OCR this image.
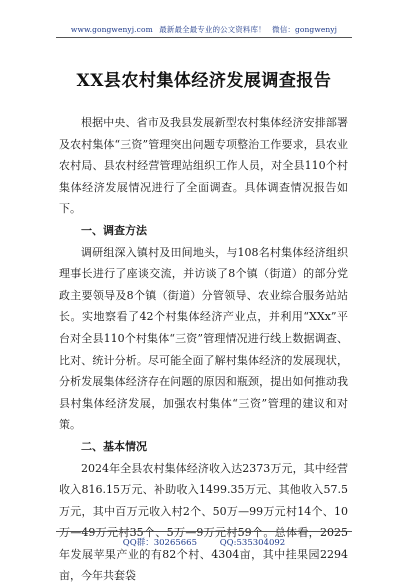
www.gongwenyj.com 最新最全最专业的公文资料库！ 微信：gongwenyj
XX县农村集体经济发展调查报告

根据中央、省市及我县发展新型农村集体经济安排部署及农村集体“三资”管理突出问题专项整治工作要求，县农业农村局、县农村经营管理站组织工作人员，对全县110个村集体经济发展情况进行了全面调查。具体调查情况报告如下。

一、调查方法

调研组深入镇村及田间地头，与108名村集体经济组织理事长进行了座谈交流，并访谈了8个镇（街道）的部分党政主要领导及8个镇（街道）分管领导、农业综合服务站站长。实地察看了42个村集体经济产业点，并利用“XXx”平台对全县110个村集体“三资”管理情况进行线上数据调查、比对、统计分析。尽可能全面了解村集体经济的发展现状，分析发展集体经济存在问题的原因和瓶颈，提出如何推动我县村集体经济发展，加强农村集体“三资”管理的建议和对策。

二、基本情况

2024年全县农村集体经济收入达2373万元，其中经营收入816.15万元、补助收入1499.35万元、其他收入57.5万元，其中百万元收入村2个、50万—99万元村14个、10万—49万元村35个、5万—9万元村59个。总体看，2025年发展苹果产业的有82个村、4304亩，其中挂果园2294亩，今年共套袋

QQ群：30265665	QQ:535304092
